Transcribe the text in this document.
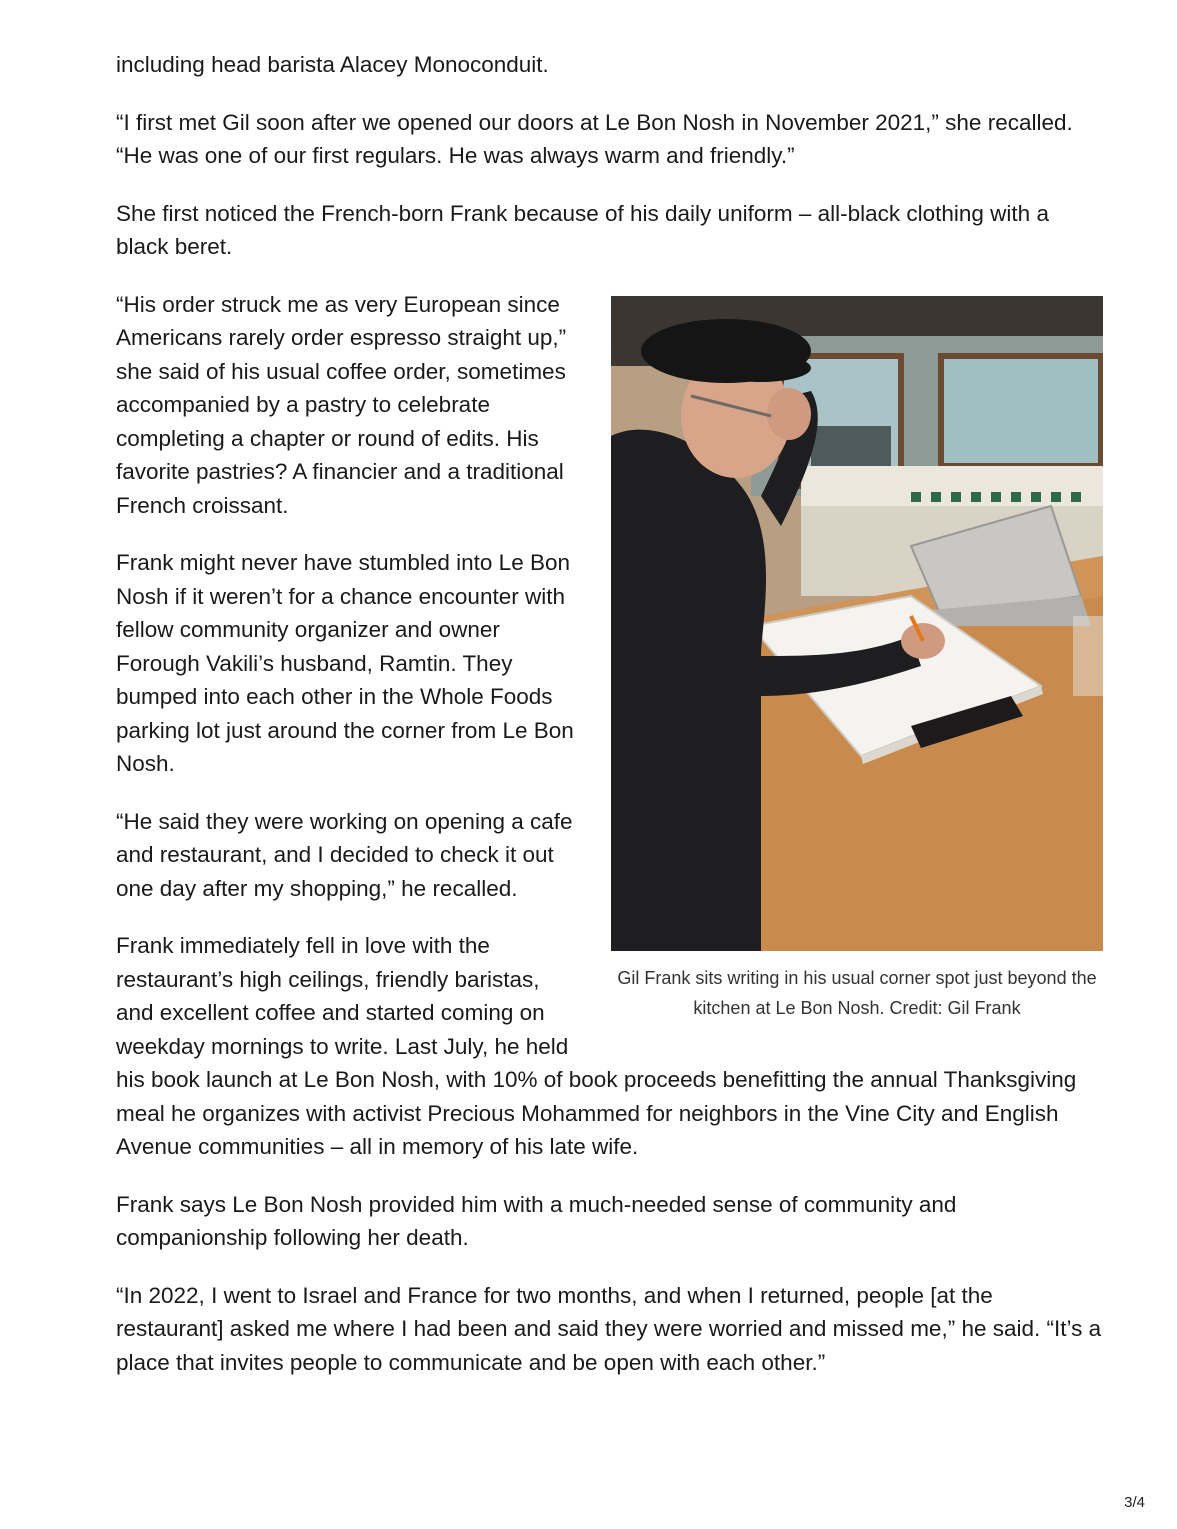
including head barista Alacey Monoconduit.

“I first met Gil soon after we opened our doors at Le Bon Nosh in November 2021,” she recalled. “He was one of our first regulars. He was always warm and friendly.”

She first noticed the French-born Frank because of his daily uniform – all-black clothing with a black beret.

Gil Frank sits writing in his usual corner spot just beyond the kitchen at Le Bon Nosh. Credit: Gil Frank

“His order struck me as very European since Americans rarely order espresso straight up,” she said of his usual coffee order, sometimes accompanied by a pastry to celebrate completing a chapter or round of edits. His favorite pastries? A financier and a traditional French croissant.

Frank might never have stumbled into Le Bon Nosh if it weren’t for a chance encounter with fellow community organizer and owner Forough Vakili’s husband, Ramtin. They bumped into each other in the Whole Foods parking lot just around the corner from Le Bon Nosh.

“He said they were working on opening a cafe and restaurant, and I decided to check it out one day after my shopping,” he recalled.

Frank immediately fell in love with the restaurant’s high ceilings, friendly baristas, and excellent coffee and started coming on weekday mornings to write. Last July, he held his book launch at Le Bon Nosh, with 10% of book proceeds benefitting the annual Thanksgiving meal he organizes with activist Precious Mohammed for neighbors in the Vine City and English Avenue communities – all in memory of his late wife.

Frank says Le Bon Nosh provided him with a much-needed sense of community and companionship following her death.

“In 2022, I went to Israel and France for two months, and when I returned, people [at the restaurant] asked me where I had been and said they were worried and missed me,” he said. “It’s a place that invites people to communicate and be open with each other.”

3/4
